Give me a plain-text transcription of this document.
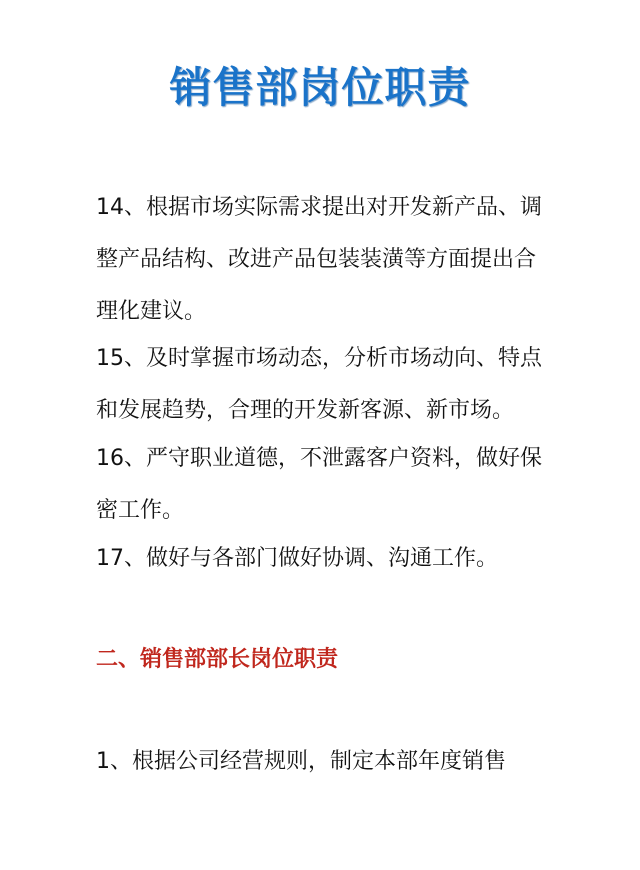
销售部岗位职责

14、根据市场实际需求提出对开发新产品、调整产品结构、改进产品包装装潢等方面提出合理化建议。

15、及时掌握市场动态，分析市场动向、特点和发展趋势，合理的开发新客源、新市场。

16、严守职业道德，不泄露客户资料，做好保密工作。

17、做好与各部门做好协调、沟通工作。

二、销售部部长岗位职责

1、根据公司经营规则，制定本部年度销售
